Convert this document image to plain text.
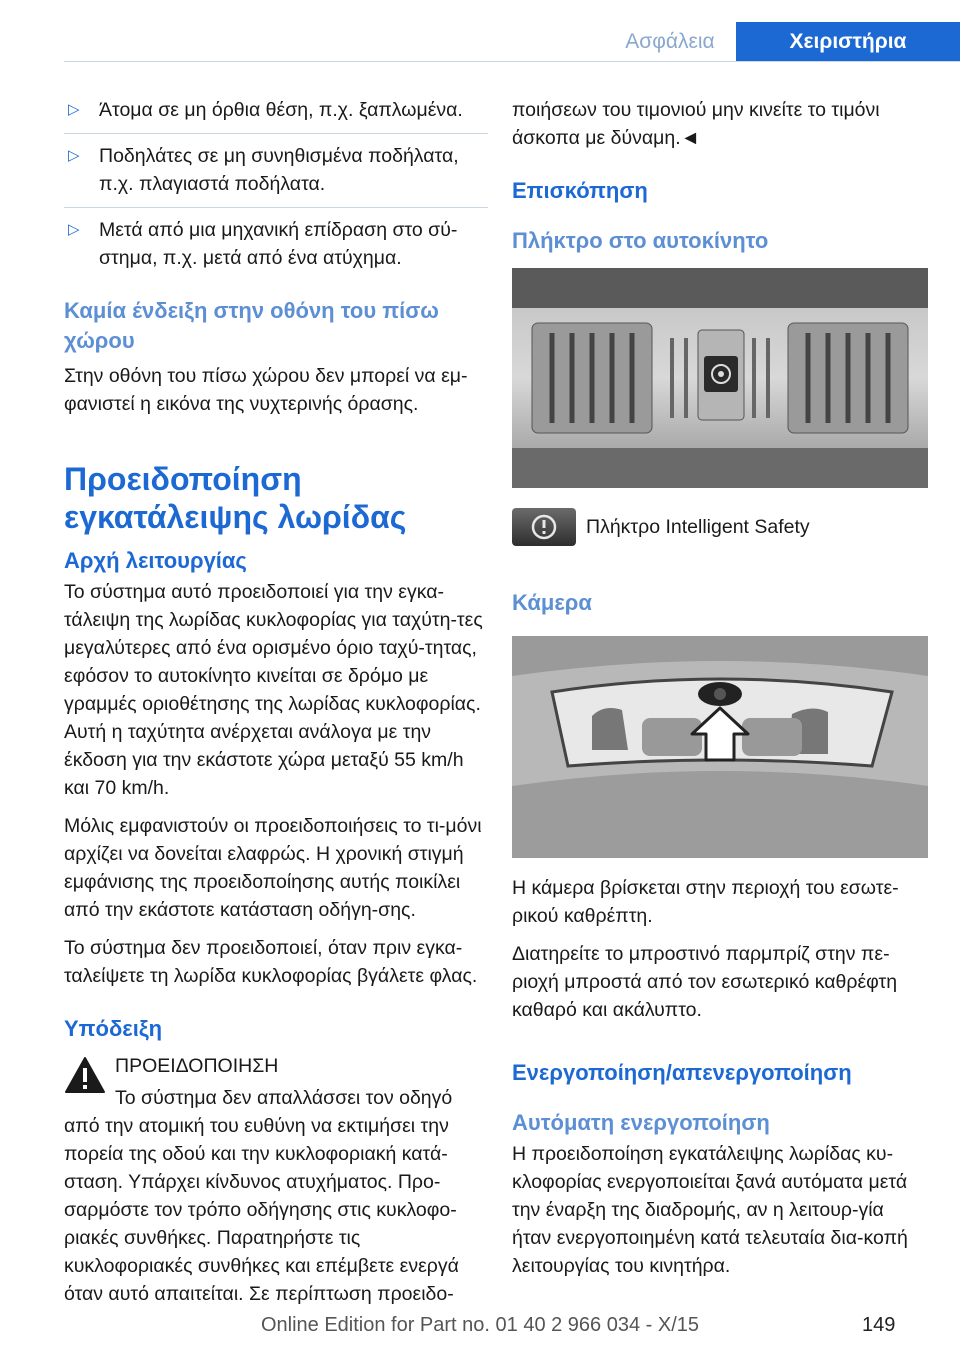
Ασφάλεια	Χειριστήρια
▷ Άτομα σε μη όρθια θέση, π.χ. ξαπλωμένα.
▷ Ποδηλάτες σε μη συνηθισμένα ποδήλατα, π.χ. πλαγιαστά ποδήλατα.
▷ Μετά από μια μηχανική επίδραση στο σύ-στημα, π.χ. μετά από ένα ατύχημα.
Καμία ένδειξη στην οθόνη του πίσω χώρου

Στην οθόνη του πίσω χώρου δεν μπορεί να εμ-φανιστεί η εικόνα της νυχτερινής όρασης.

Προειδοποίηση εγκατάλειψης λωρίδας
Αρχή λειτουργίας

Το σύστημα αυτό προειδοποιεί για την εγκα-τάλειψη της λωρίδας κυκλοφορίας για ταχύτη-τες μεγαλύτερες από ένα ορισμένο όριο ταχύ-τητας, εφόσον το αυτοκίνητο κινείται σε δρόμο με γραμμές οριοθέτησης της λωρίδας κυκλοφορίας. Αυτή η ταχύτητα ανέρχεται ανάλογα με την έκδοση για την εκάστοτε χώρα μεταξύ 55 km/h και 70 km/h.

Μόλις εμφανιστούν οι προειδοποιήσεις το τι-μόνι αρχίζει να δονείται ελαφρώς. Η χρονική στιγμή εμφάνισης της προειδοποίησης αυτής ποικίλει από την εκάστοτε κατάσταση οδήγη-σης.

Το σύστημα δεν προειδοποιεί, όταν πριν εγκα-ταλείψετε τη λωρίδα κυκλοφορίας βγάλετε φλας.

Υπόδειξη

ΠΡΟΕΙΔΟΠΟΙΗΣΗ

Το σύστημα δεν απαλλάσσει τον οδηγό

από την ατομική του ευθύνη να εκτιμήσει την πορεία της οδού και την κυκλοφοριακή κατά-σταση. Υπάρχει κίνδυνος ατυχήματος. Προ-σαρμόστε τον τρόπο οδήγησης στις κυκλοφο-ριακές συνθήκες. Παρατηρήστε τις κυκλοφοριακές συνθήκες και επέμβετε ενεργά όταν αυτό απαιτείται. Σε περίπτωση προειδο-

ποιήσεων του τιμονιού μην κινείτε το τιμόνι άσκοπα με δύναμη.◄

Επισκόπηση
Πλήκτρο στο αυτοκίνητο

Πλήκτρο Intelligent Safety

Κάμερα

Η κάμερα βρίσκεται στην περιοχή του εσωτε-ρικού καθρέπτη.

Διατηρείτε το μπροστινό παρμπρίζ στην πε-ριοχή μπροστά από τον εσωτερικό καθρέφτη καθαρό και ακάλυπτο.

Ενεργοποίηση/απενεργοποίηση
Αυτόματη ενεργοποίηση

Η προειδοποίηση εγκατάλειψης λωρίδας κυ-κλοφορίας ενεργοποιείται ξανά αυτόματα μετά την έναρξη της διαδρομής, αν η λειτουρ-γία ήταν ενεργοποιημένη κατά τελευταία δια-κοπή λειτουργίας του κινητήρα.

Online Edition for Part no. 01 40 2 966 034 - X/15	149
